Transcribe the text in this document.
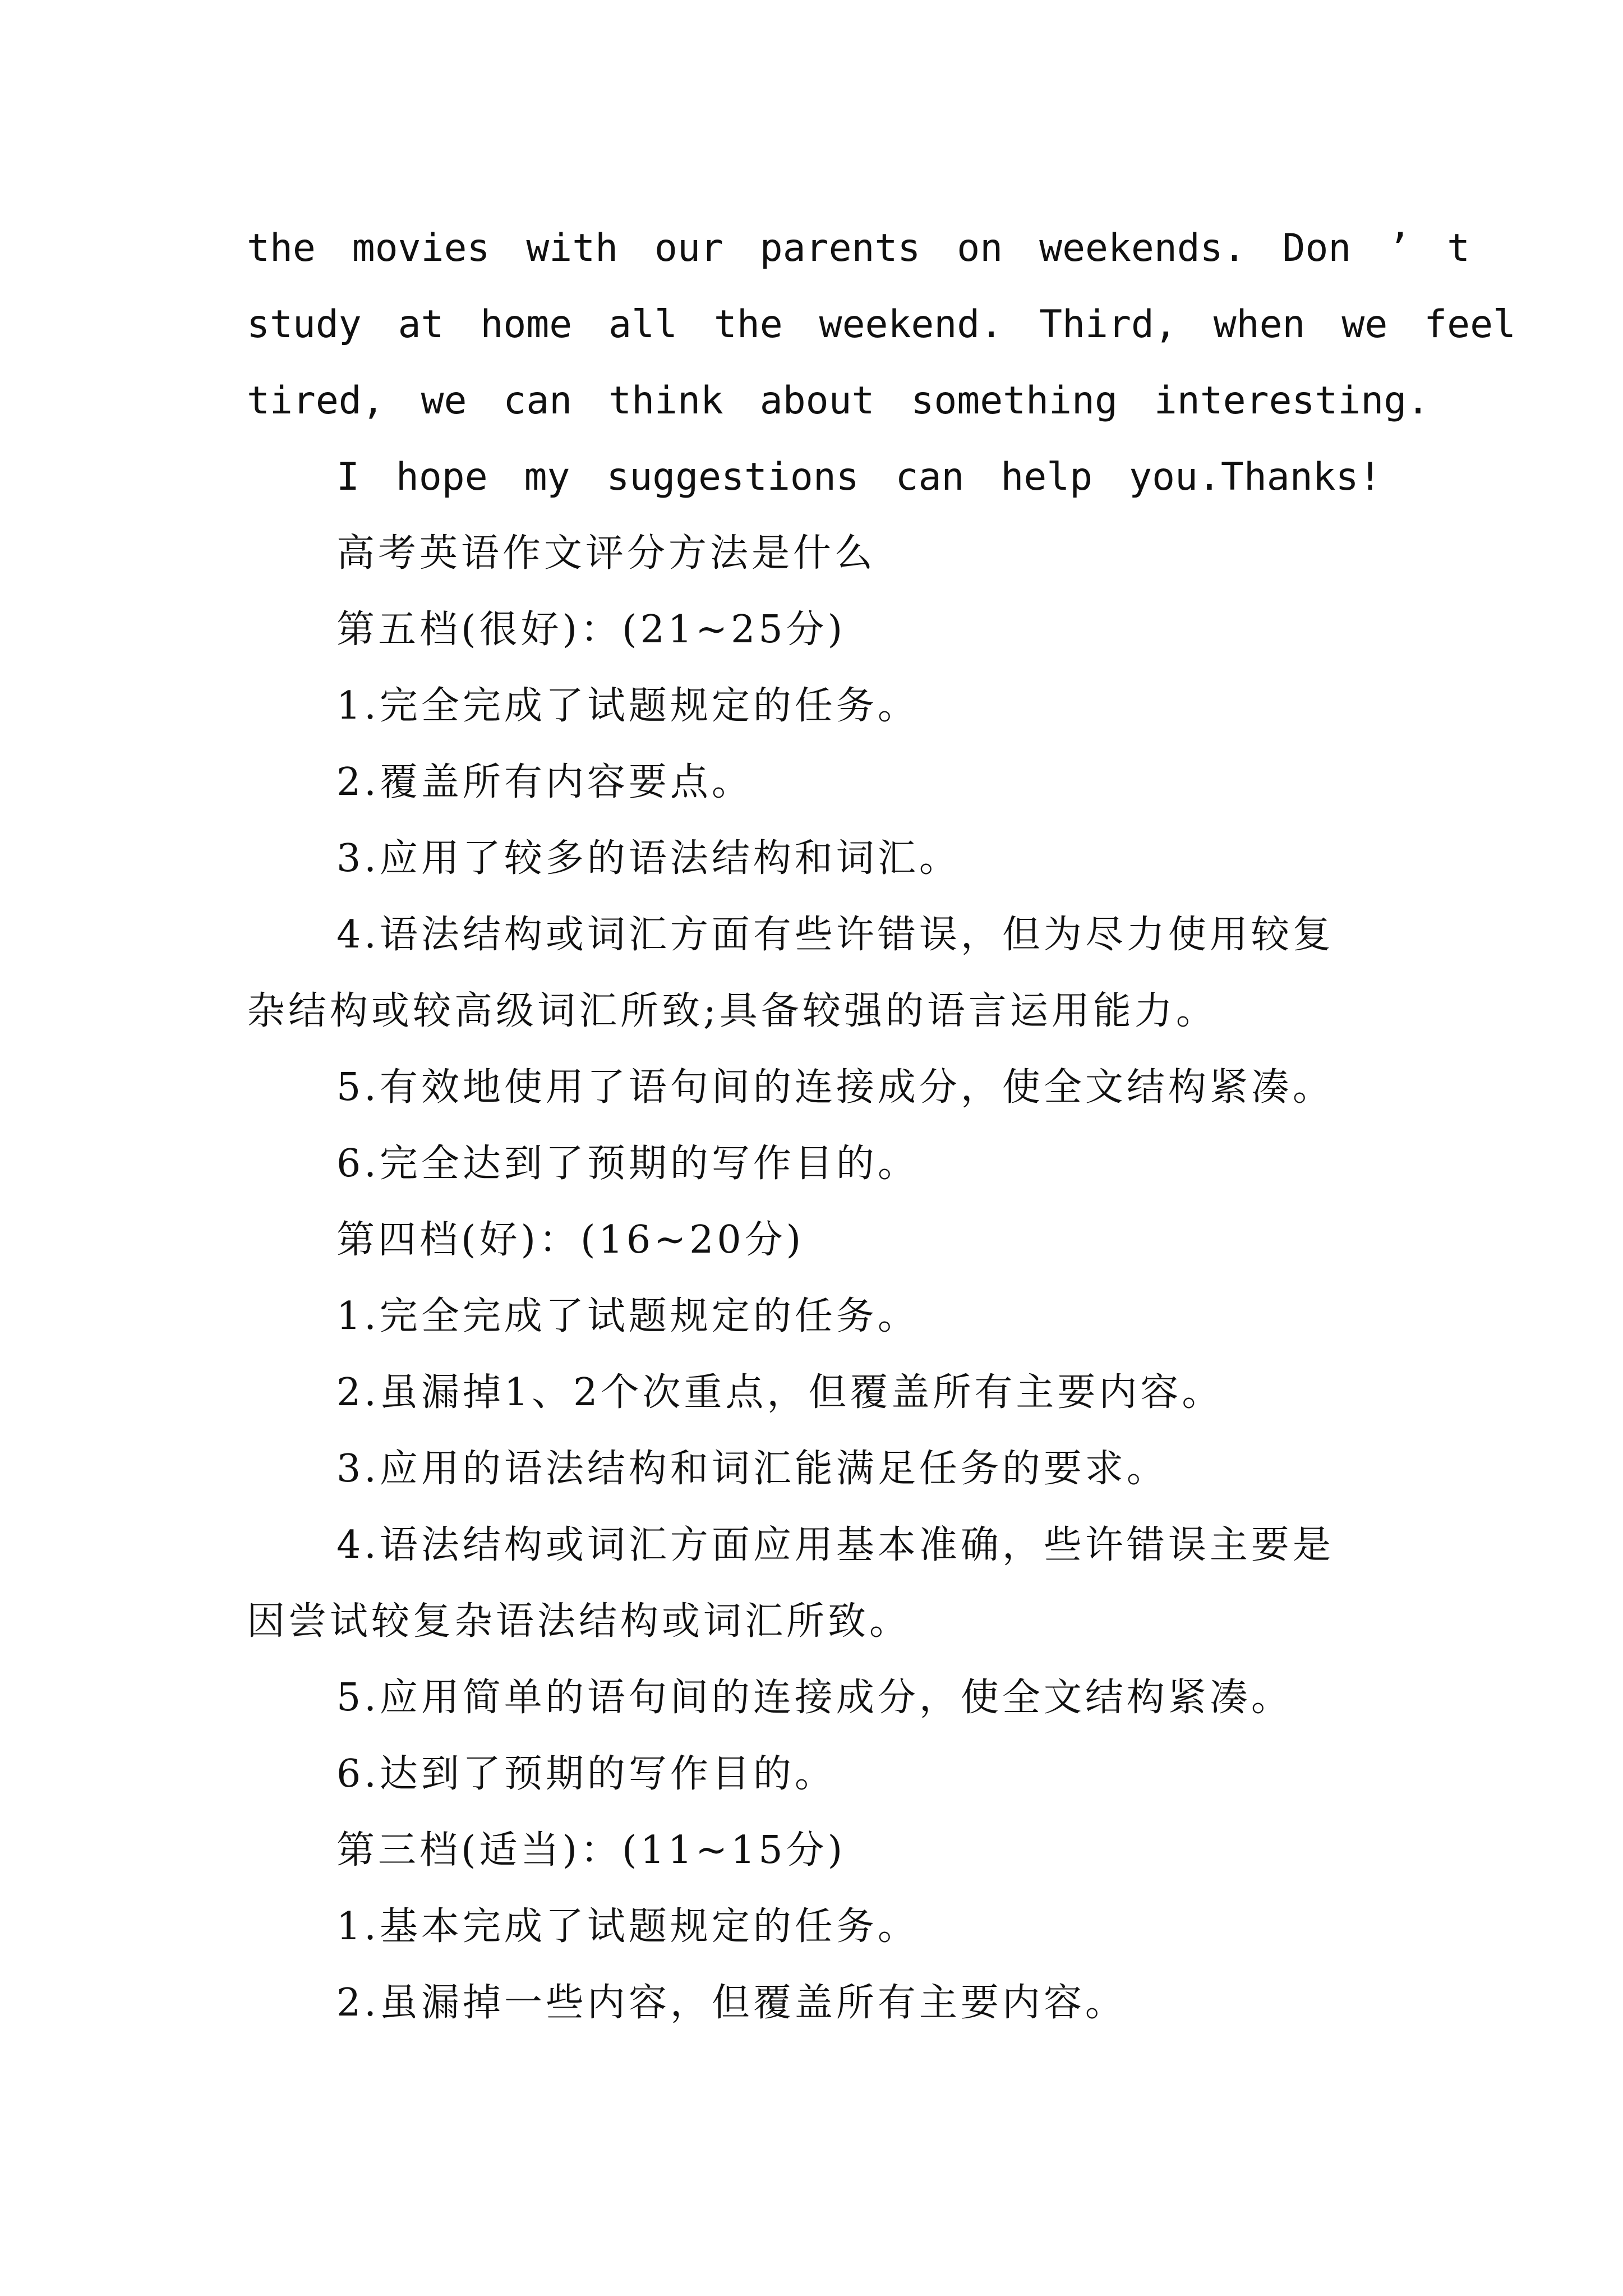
the movies with our parents on weekends. Don ’ t

study at home all the weekend. Third, when we feel

tired, we can think about something interesting.

I hope my suggestions can help you.Thanks!

高考英语作文评分方法是什么

第五档(很好)：(21~25分)

1.完全完成了试题规定的任务。

2.覆盖所有内容要点。

3.应用了较多的语法结构和词汇。

4.语法结构或词汇方面有些许错误，但为尽力使用较复

杂结构或较高级词汇所致;具备较强的语言运用能力。

5.有效地使用了语句间的连接成分，使全文结构紧凑。

6.完全达到了预期的写作目的。

第四档(好)：(16~20分)

1.完全完成了试题规定的任务。

2.虽漏掉1、2个次重点，但覆盖所有主要内容。

3.应用的语法结构和词汇能满足任务的要求。

4.语法结构或词汇方面应用基本准确，些许错误主要是

因尝试较复杂语法结构或词汇所致。

5.应用简单的语句间的连接成分，使全文结构紧凑。

6.达到了预期的写作目的。

第三档(适当)：(11~15分)

1.基本完成了试题规定的任务。

2.虽漏掉一些内容，但覆盖所有主要内容。
